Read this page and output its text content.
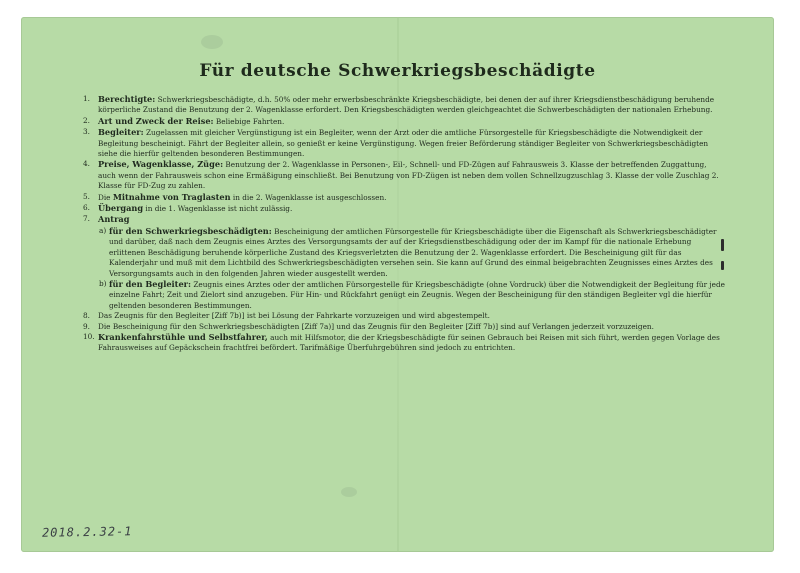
Für deutsche Schwerkriegsbeschädigte
1. Berechtigte: Schwerkriegsbeschädigte, d.h. 50% oder mehr erwerbsbeschränkte Kriegsbeschädigte, bei denen der auf ihrer Kriegsdienstbeschädigung beruhende körperliche Zustand die Benutzung der 2. Wagenklasse erfordert. Den Kriegsbeschädigten werden gleichgeachtet die Schwerbeschädigten der nationalen Erhebung.
2. Art und Zweck der Reise: Beliebige Fahrten.
3. Begleiter: Zugelassen mit gleicher Vergünstigung ist ein Begleiter, wenn der Arzt oder die amtliche Fürsorgestelle für Kriegsbeschädigte die Notwendigkeit der Begleitung bescheinigt. Fährt der Begleiter allein, so genießt er keine Vergünstigung. Wegen freier Beförderung ständiger Begleiter von Schwerkriegsbeschädigten siehe die hierfür geltenden besonderen Bestimmungen.
4. Preise, Wagenklasse, Züge: Benutzung der 2. Wagenklasse in Personen-, Eil-, Schnell- und FD-Zügen auf Fahrausweis 3. Klasse der betreffenden Zuggattung, auch wenn der Fahrausweis schon eine Ermäßigung einschließt. Bei Benutzung von FD-Zügen ist neben dem vollen Schnellzugzuschlag 3. Klasse der volle Zuschlag 2. Klasse für FD-Zug zu zahlen.
5. Die Mitnahme von Traglasten in die 2. Wagenklasse ist ausgeschlossen.
6. Übergang in die 1. Wagenklasse ist nicht zulässig.
7. Antrag
a) für den Schwerkriegsbeschädigten: Bescheinigung der amtlichen Fürsorgestelle für Kriegsbeschädigte über die Eigenschaft als Schwerkriegsbeschädigter und darüber, daß nach dem Zeugnis eines Arztes des Versorgungsamts der auf der Kriegsdienstbeschädigung oder der im Kampf für die nationale Erhebung erlittenen Beschädigung beruhende körperliche Zustand des Kriegsverletzten die Benutzung der 2. Wagenklasse erfordert. Die Bescheinigung gilt für das Kalenderjahr und muß mit dem Lichtbild des Schwerkriegsbeschädigten versehen sein. Sie kann auf Grund des einmal beigebrachten Zeugnisses eines Arztes des Versorgungsamts auch in den folgenden Jahren wieder ausgestellt werden.
b) für den Begleiter: Zeugnis eines Arztes oder der amtlichen Fürsorgestelle für Kriegsbeschädigte (ohne Vordruck) über die Notwendigkeit der Begleitung für jede einzelne Fahrt; Zeit und Zielort sind anzugeben. Für Hin- und Rückfahrt genügt ein Zeugnis. Wegen der Bescheinigung für den ständigen Begleiter vgl die hierfür geltenden besonderen Bestimmungen.
8. Das Zeugnis für den Begleiter [Ziff 7b)] ist bei Lösung der Fahrkarte vorzuzeigen und wird abgestempelt.
9. Die Bescheinigung für den Schwerkriegsbeschädigten [Ziff 7a)] und das Zeugnis für den Begleiter [Ziff 7b)] sind auf Verlangen jederzeit vorzuzeigen.
10. Krankenfahrstühle und Selbstfahrer, auch mit Hilfsmotor, die der Kriegsbeschädigte für seinen Gebrauch bei Reisen mit sich führt, werden gegen Vorlage des Fahrausweises auf Gepäckschein frachtfrei befördert. Tarifmäßige Überfuhrgebühren sind jedoch zu entrichten.
2018.2.32-1
